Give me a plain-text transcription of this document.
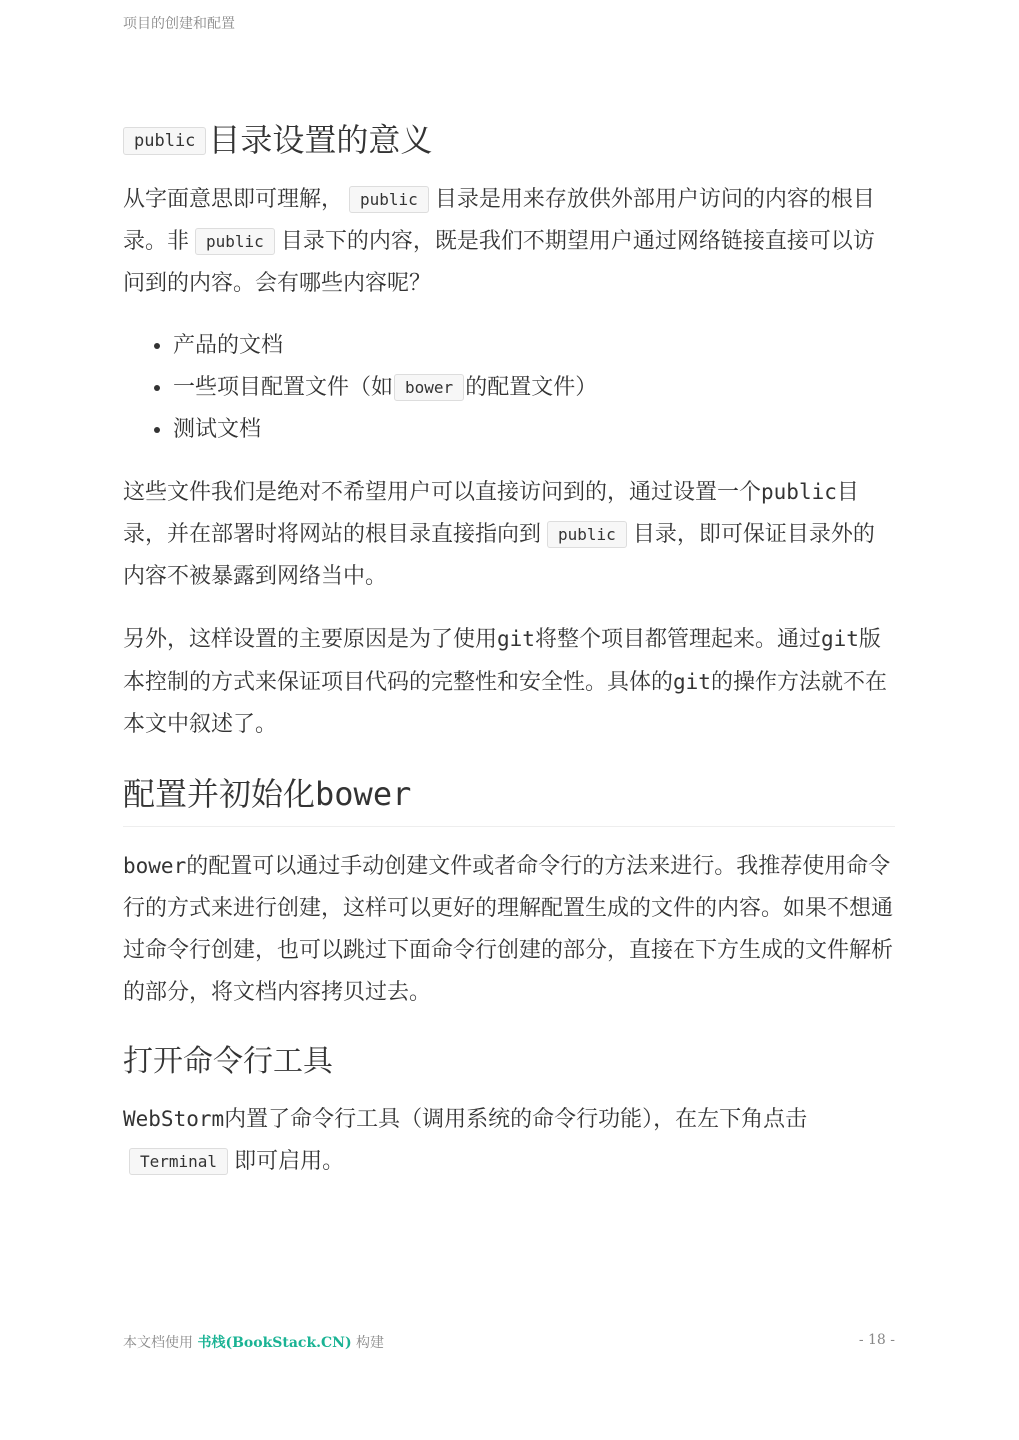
项目的创建和配置
public 目录设置的意义

从字面意思即可理解， public 目录是用来存放供外部用户访问的内容的根目录。非 public 目录下的内容，既是我们不期望用户通过网络链接直接可以访问到的内容。会有哪些内容呢？

• 产品的文档
• 一些项目配置文件（如 bower 的配置文件）
• 测试文档

这些文件我们是绝对不希望用户可以直接访问到的，通过设置一个public目录，并在部署时将网站的根目录直接指向到 public 目录，即可保证目录外的内容不被暴露到网络当中。

另外，这样设置的主要原因是为了使用git将整个项目都管理起来。通过git版本控制的方式来保证项目代码的完整性和安全性。具体的git的操作方法就不在本文中叙述了。

配置并初始化bower

bower的配置可以通过手动创建文件或者命令行的方法来进行。我推荐使用命令行的方式来进行创建，这样可以更好的理解配置生成的文件的内容。如果不想通过命令行创建，也可以跳过下面命令行创建的部分，直接在下方生成的文件解析的部分，将文档内容拷贝过去。

打开命令行工具

WebStorm内置了命令行工具（调用系统的命令行功能），在左下角点击Terminal 即可启用。

本文档使用 书栈(BookStack.CN) 构建	- 18 -
